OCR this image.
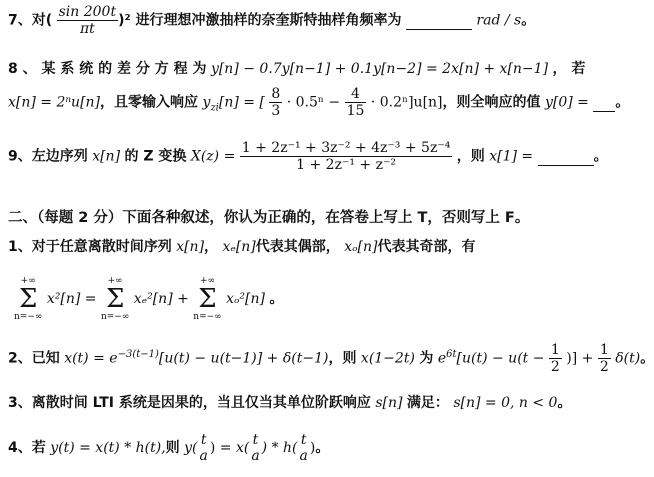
7、对( $\frac{\sin 200t}{\pi t} )^2$ 进行理想冲激抽样的奈奎斯特抽样角频率为	rad / s。
8 、 某 系 统 的 差 分 方 程 为 y[n] − 0.7y[n−1] + 0.1y[n−2] = 2x[n] + x[n−1] ， 若
x[n] = 2ⁿu[n]，且零输入响应 $y_{zi}[n]$ = [ $\frac{8}{3} \cdot 0.5^n - \frac{4}{15} \cdot 0.2^n]u[n]$，则全响应的值 y[0] =  。
9、左边序列 x[n] 的 Z 变换 $X(z) = \frac{\text{1 + 2z⁻¹ + 3z⁻² + 4z⁻³ + 5z⁻⁴}}{\text{1 + 2z⁻¹ + z⁻²}}$ ，则 x[1] =	。
二、（每题 2 分）下面各种叙述，你认为正确的，在答卷上写上 T，否则写上 F。
1、对于任意离散时间序列 x[n]， xₑ[n]代表其偶部， xₒ[n]代表其奇部，有
+∞
Σ
n=−∞
x²[n] =
+∞
Σ
n=−∞
xₑ²[n] +
+∞
Σ
n=−∞
xₒ²[n] 。
2、已知 $x(t) = e^{-3(t-1)}[u(t) - u(t-1)] + \delta(t-1)$，则 x(1−2t) 为 $e^{6t}[u(t) - u(t - \frac{1}{2}$ )] + $\frac{1}{2} \delta(t)$。
3、离散时间 LTI 系统是因果的，当且仅当其单位阶跃响应 s[n] 满足： s[n] = 0, n < 0。
4、若 y(t) = x(t) * h(t),则 y( t
a ) = x( t
a ) * h( t
a )。
